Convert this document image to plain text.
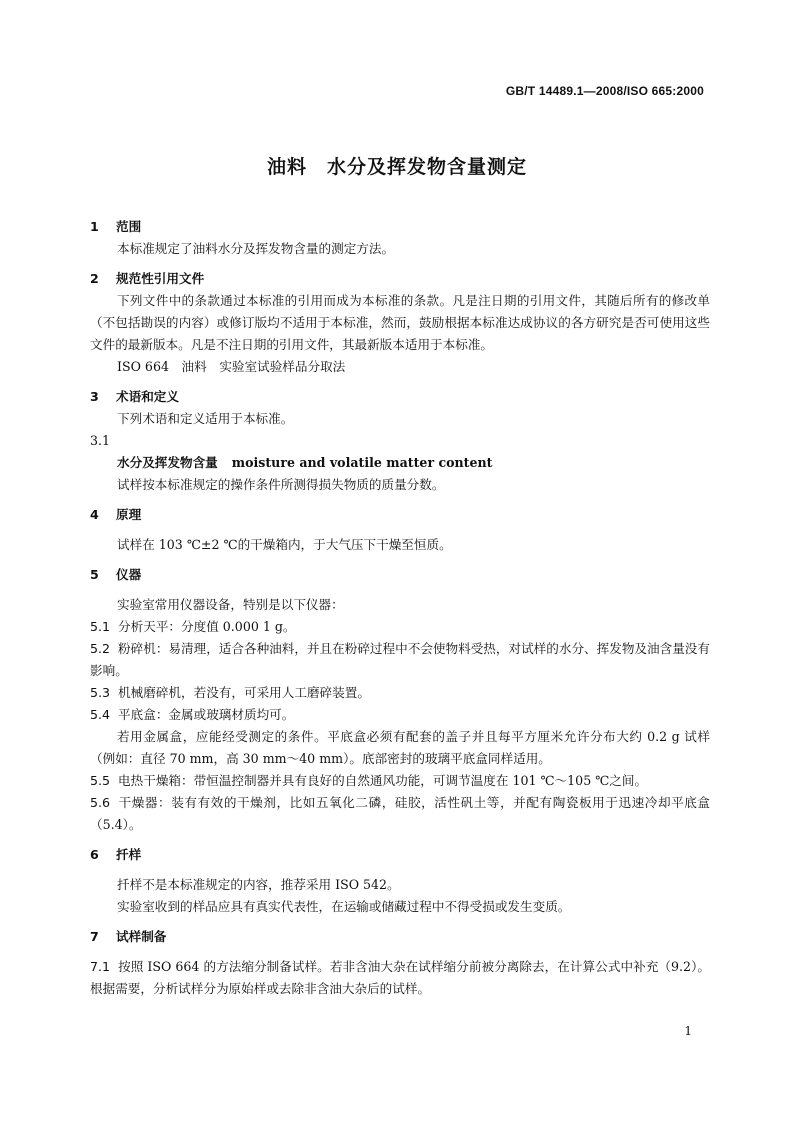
GB/T 14489.1—2008/ISO 665:2000
油料　水分及挥发物含量测定
1 范围
本标准规定了油料水分及挥发物含量的测定方法。
2 规范性引用文件
下列文件中的条款通过本标准的引用而成为本标准的条款。凡是注日期的引用文件，其随后所有的修改单（不包括勘误的内容）或修订版均不适用于本标准，然而，鼓励根据本标准达成协议的各方研究是否可使用这些文件的最新版本。凡是不注日期的引用文件，其最新版本适用于本标准。
ISO 664　油料　实验室试验样品分取法
3 术语和定义
下列术语和定义适用于本标准。
3.1
水分及挥发物含量 moisture and volatile matter content
试样按本标准规定的操作条件所测得损失物质的质量分数。
4 原理
试样在 103 ℃±2 ℃的干燥箱内，于大气压下干燥至恒质。
5 仪器
实验室常用仪器设备，特别是以下仪器：
5.1 分析天平：分度值 0.000 1 g。
5.2 粉碎机：易清理，适合各种油料，并且在粉碎过程中不会使物料受热，对试样的水分、挥发物及油含量没有影响。
5.3 机械磨碎机，若没有，可采用人工磨碎装置。
5.4 平底盒：金属或玻璃材质均可。
若用金属盒，应能经受测定的条件。平底盒必须有配套的盖子并且每平方厘米允许分布大约 0.2 g 试样（例如：直径 70 mm，高 30 mm～40 mm）。底部密封的玻璃平底盒同样适用。
5.5 电热干燥箱：带恒温控制器并具有良好的自然通风功能，可调节温度在 101 ℃～105 ℃之间。
5.6 干燥器：装有有效的干燥剂，比如五氧化二磷，硅胶，活性矾土等，并配有陶瓷板用于迅速冷却平底盒（5.4）。
6 扦样
扦样不是本标准规定的内容，推荐采用 ISO 542。
实验室收到的样品应具有真实代表性，在运输或储藏过程中不得受损或发生变质。
7 试样制备
7.1 按照 ISO 664 的方法缩分制备试样。若非含油大杂在试样缩分前被分离除去，在计算公式中补充（9.2）。根据需要，分析试样分为原始样或去除非含油大杂后的试样。
1
